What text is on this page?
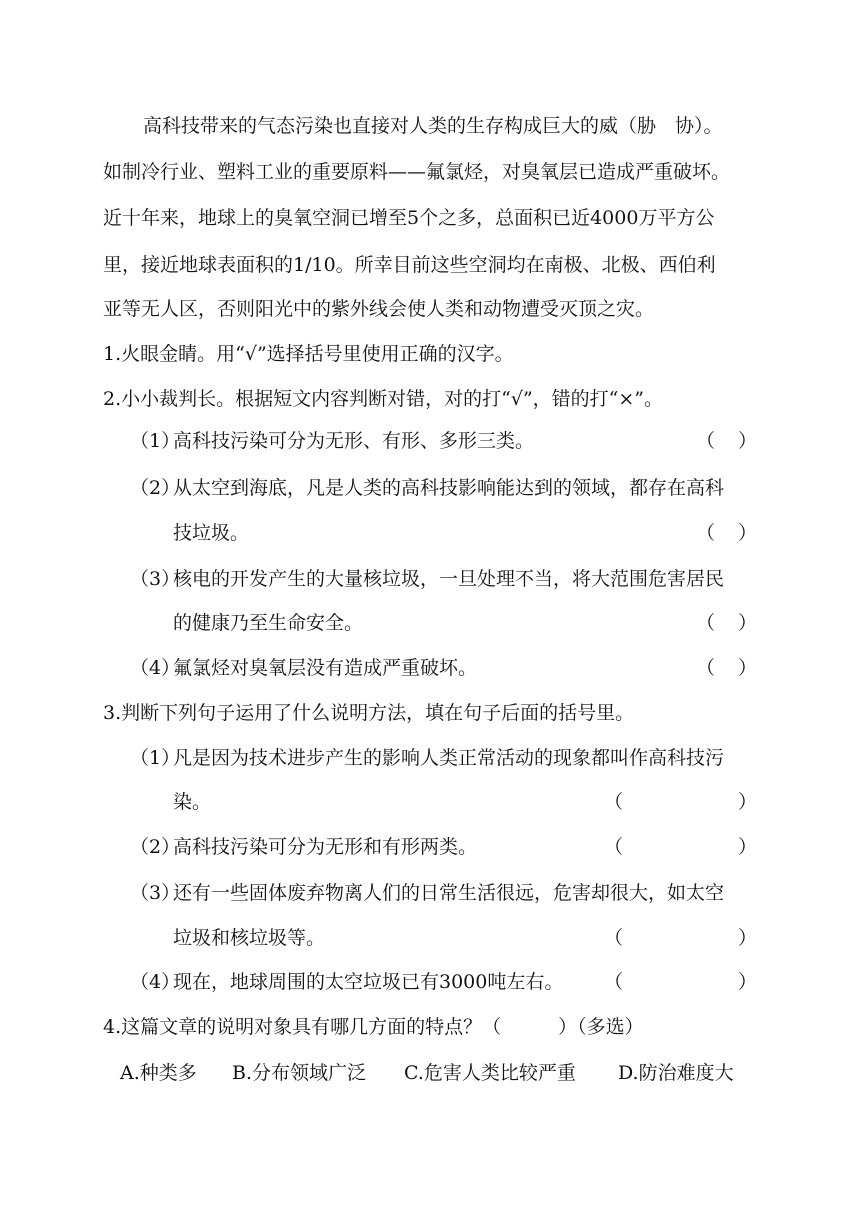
高科技带来的气态污染也直接对人类的生存构成巨大的威（胁　协）。
如制冷行业、塑料工业的重要原料——氟氯烃，对臭氧层已造成严重破坏。
近十年来，地球上的臭氧空洞已增至5个之多，总面积已近4000万平方公
里，接近地球表面积的1/10。所幸目前这些空洞均在南极、北极、西伯利
亚等无人区，否则阳光中的紫外线会使人类和动物遭受灭顶之灾。
1.火眼金睛。用“√”选择括号里使用正确的汉字。
2.小小裁判长。根据短文内容判断对错，对的打“√”，错的打“×”。
（1）
高科技污染可分为无形、有形、多形三类。	（ ）
（2）
从太空到海底，凡是人类的高科技影响能达到的领域，都存在高科
技垃圾。	（ ）
（3）
核电的开发产生的大量核垃圾，一旦处理不当，将大范围危害居民
的健康乃至生命安全。	（ ）
（4）
氟氯烃对臭氧层没有造成严重破坏。	（ ）
3.判断下列句子运用了什么说明方法，填在句子后面的括号里。
（1）
凡是因为技术进步产生的影响人类正常活动的现象都叫作高科技污
染。	（	）
（2）
高科技污染可分为无形和有形两类。	（	）
（3）
还有一些固体废弃物离人们的日常生活很远，危害却很大，如太空
垃圾和核垃圾等。	（	）
（4）
现在，地球周围的太空垃圾已有3000吨左右。 （	）
4.这篇文章的说明对象具有哪几方面的特点？（　　　）（多选）
A.种类多 B.分布领域广泛 C.危害人类比较严重 D.防治难度大
